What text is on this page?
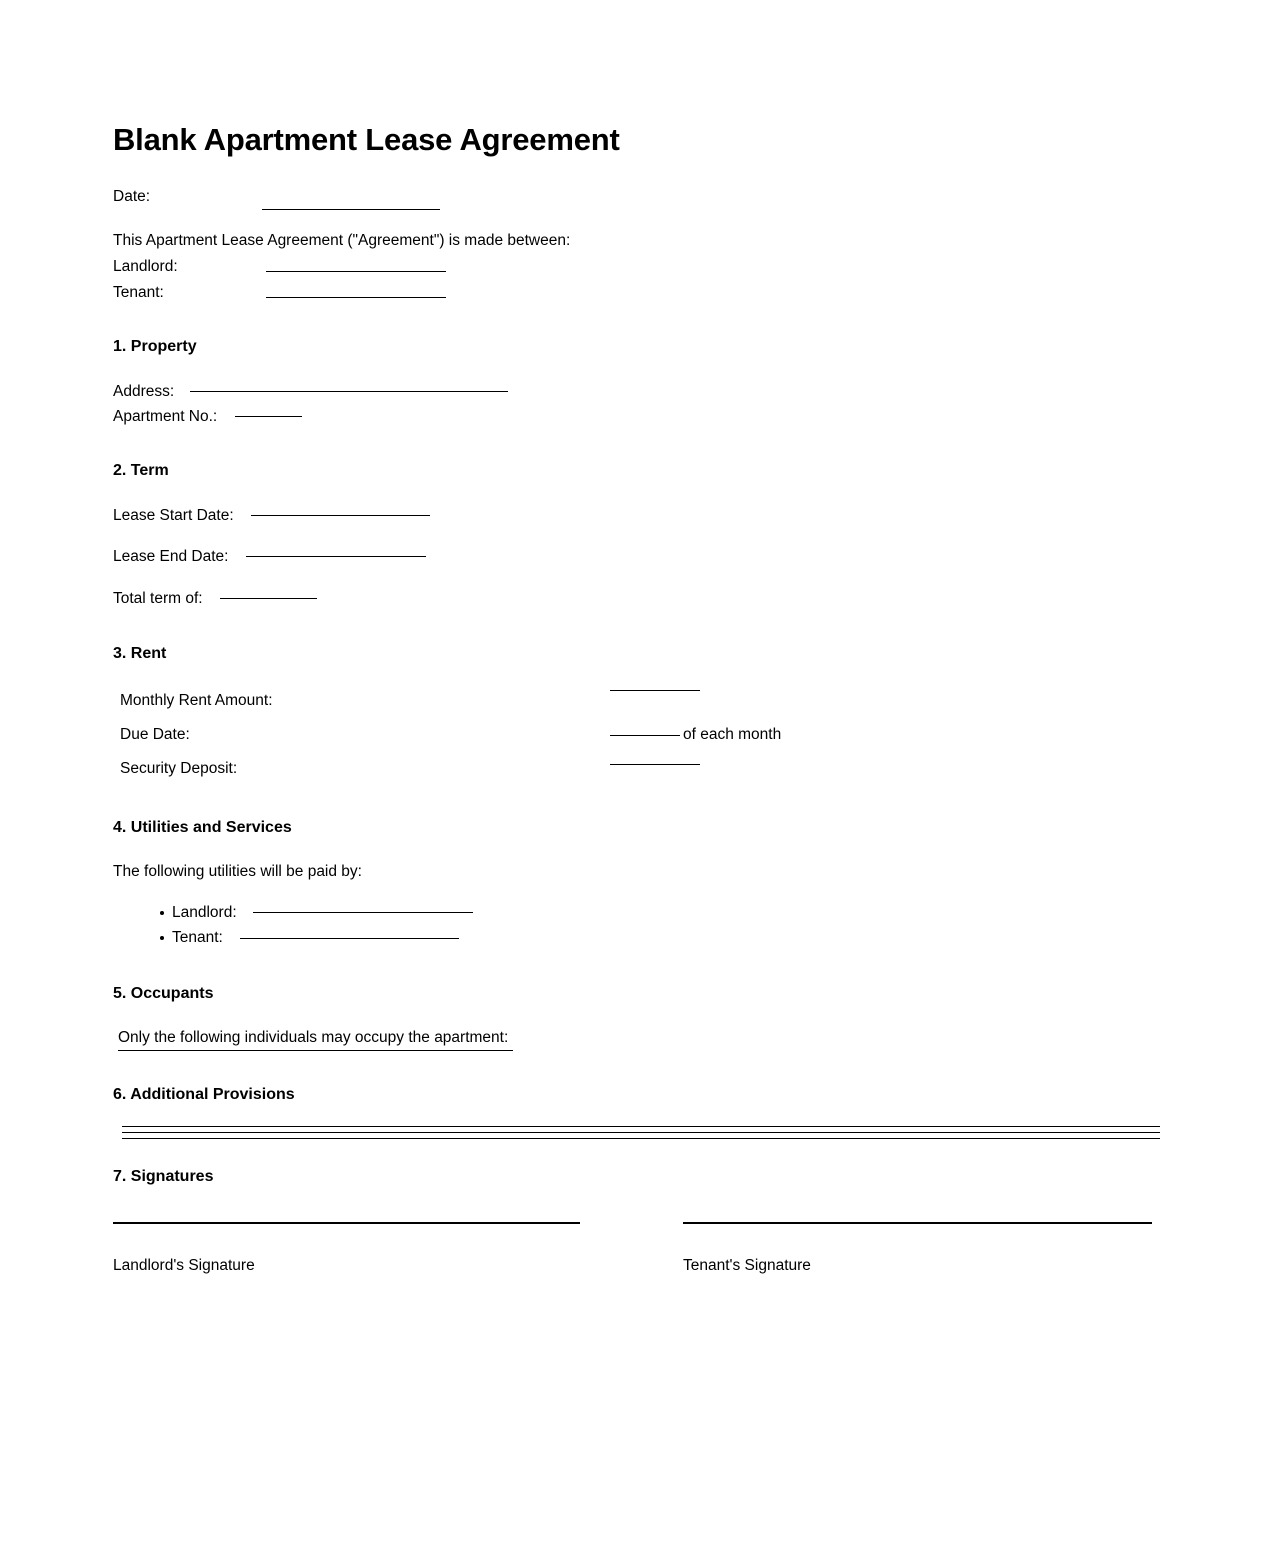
Blank Apartment Lease Agreement
Date:
This Apartment Lease Agreement ("Agreement") is made between:
Landlord:
Tenant:
1. Property
Address:
Apartment No.:
2. Term
Lease Start Date:
Lease End Date:
Total term of:
3. Rent
Monthly Rent Amount:
Due Date:	of each month
Security Deposit:
4. Utilities and Services
The following utilities will be paid by:
Landlord:
Tenant:
5. Occupants
Only the following individuals may occupy the apartment:
6. Additional Provisions
7. Signatures
Landlord's Signature	Tenant's Signature
